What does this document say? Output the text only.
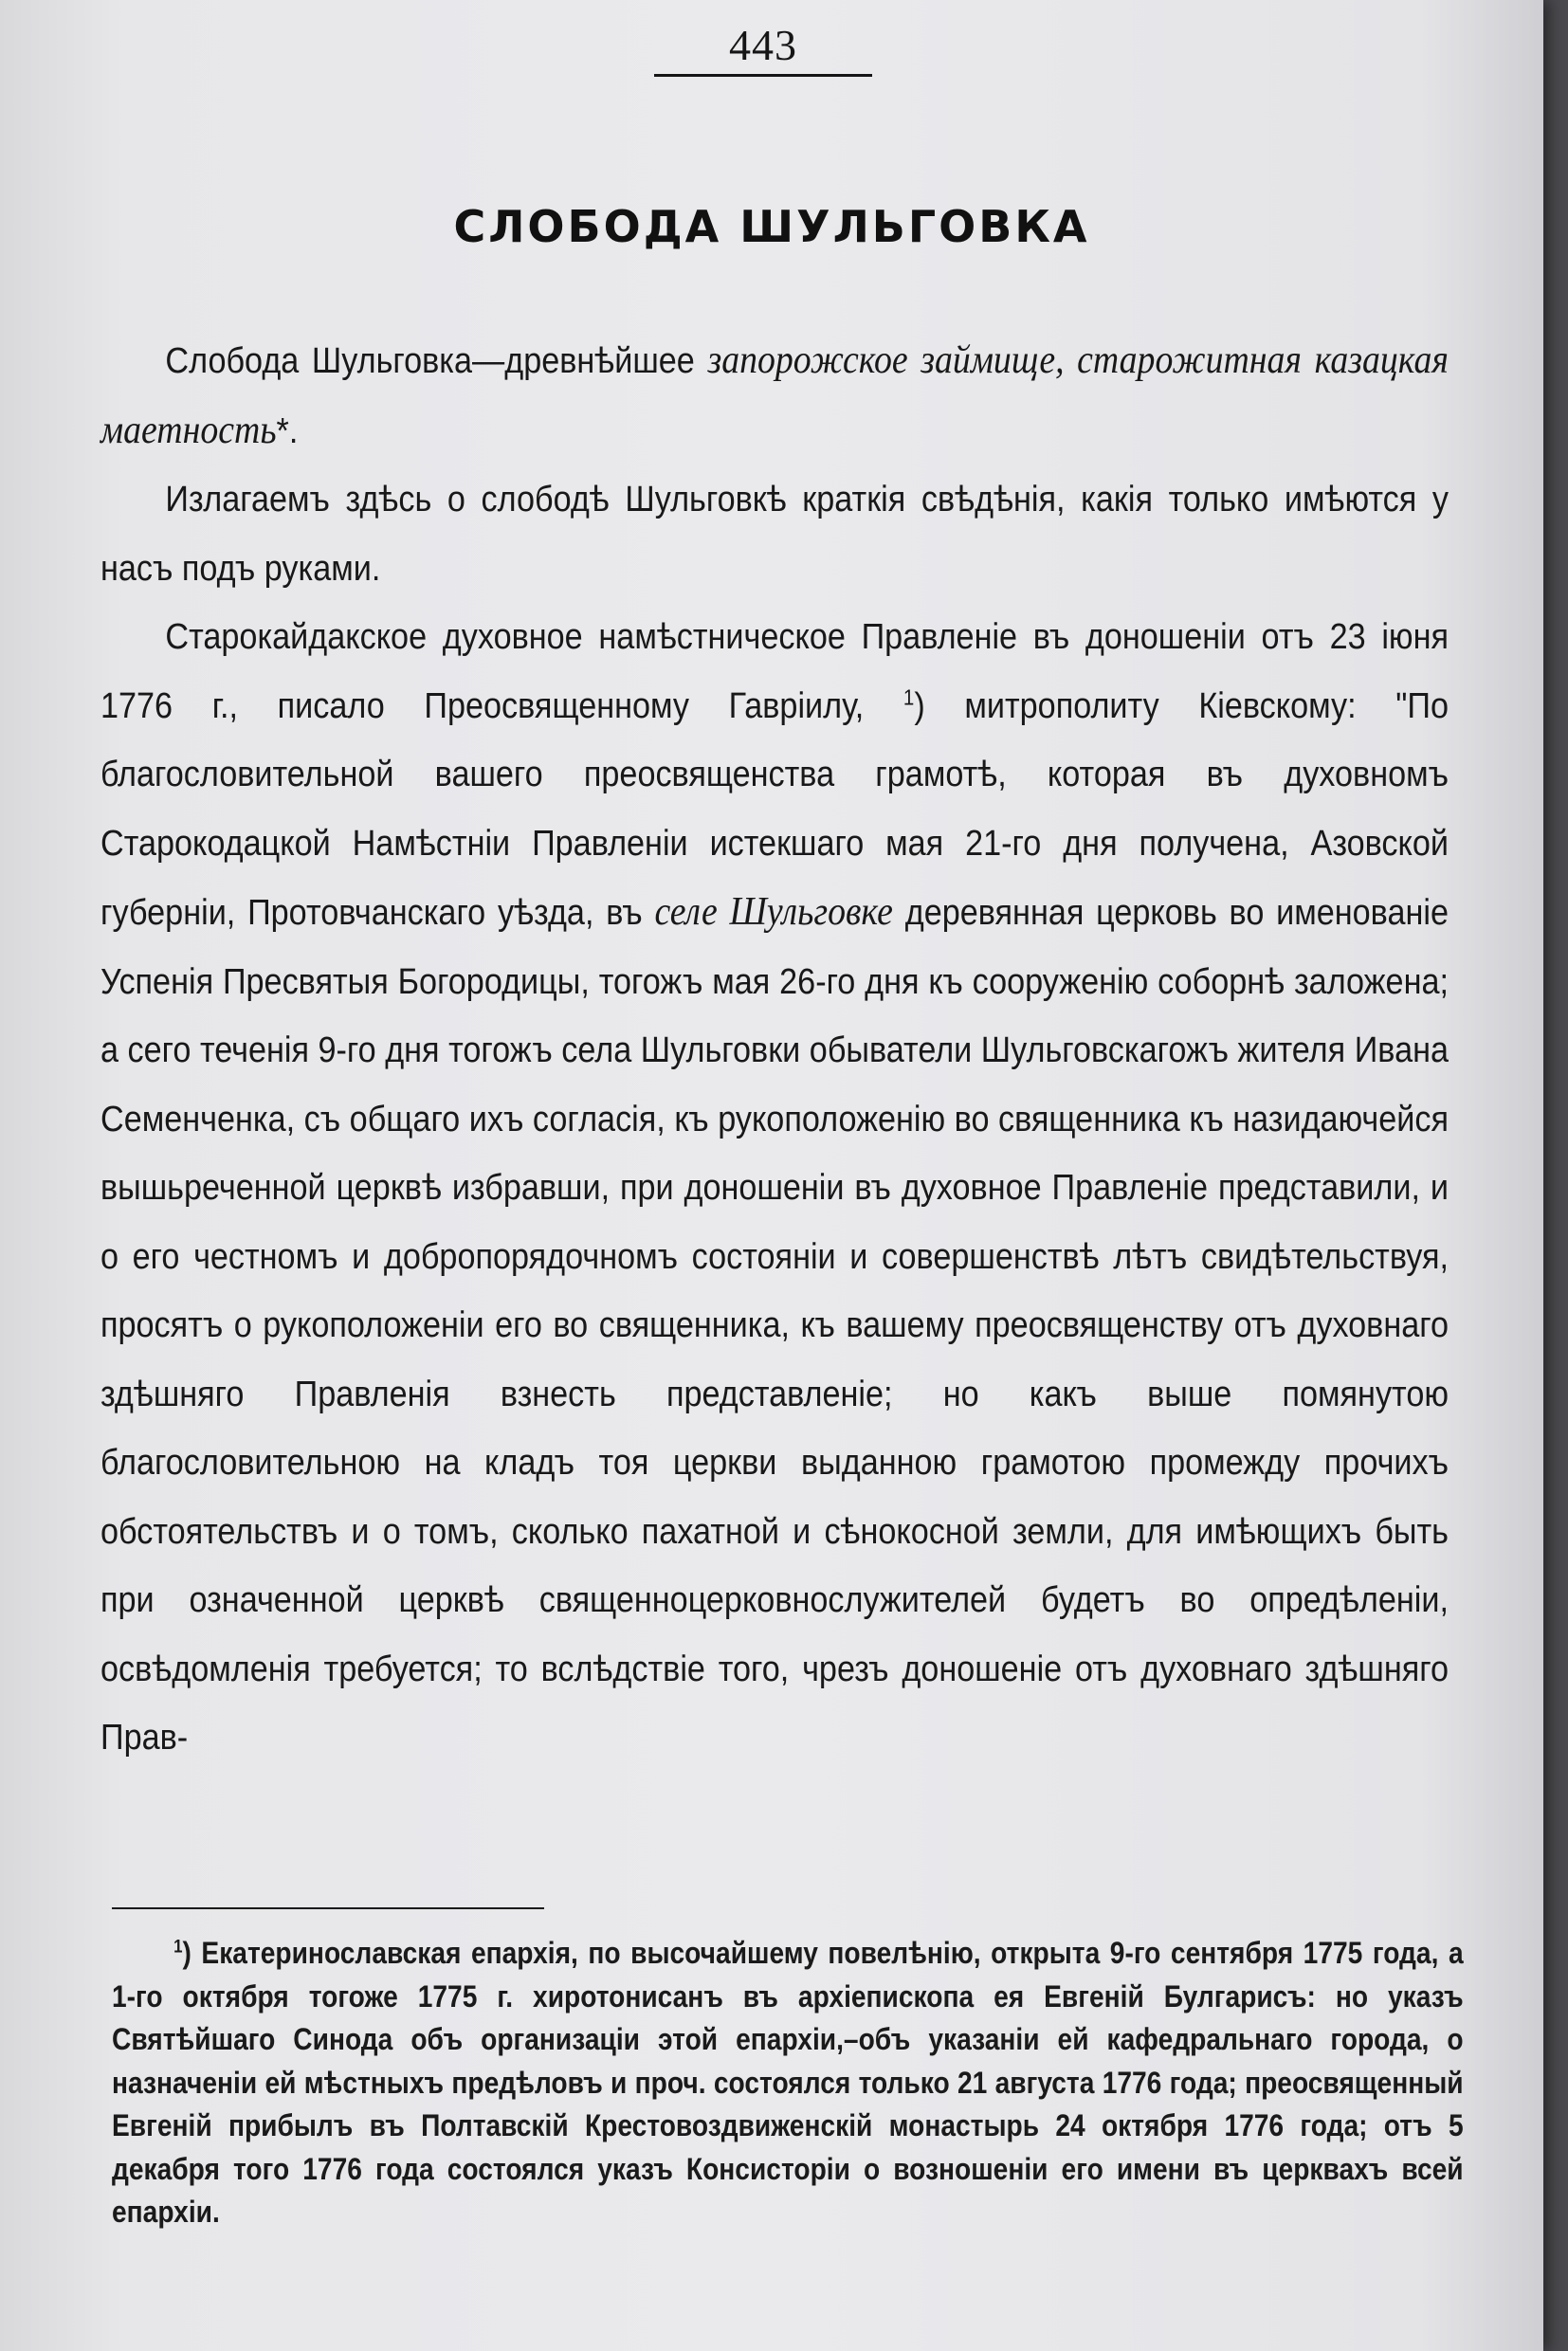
443
СЛОБОДА ШУЛЬГОВКА

Слобода Шульговка—древнѣйшее запорожское займище, старожитная казацкая маетность*.

Излагаемъ здѣсь о слободѣ Шульговкѣ краткія свѣдѣнія, какія только имѣются у насъ подъ руками.

Старокайдакское духовное намѣстническое Правленіе въ доношеніи отъ 23 іюня 1776 г., писало Преосвященному Гавріилу, $^1$) митрополиту Кіевскому: "По благословительной вашего преосвященства грамотѣ, которая въ духовномъ Старокодацкой Намѣстніи Правленіи истекшаго мая 21-го дня получена, Азовской губерніи, Протовчанскаго уѣзда, въ селе Шульговке деревянная церковь во именованіе Успенія Пресвятыя Богородицы, тогожъ мая 26-го дня къ сооруженію соборнѣ заложена; а сего теченія 9-го дня тогожъ села Шульговки обыватели Шульговскагожъ жителя Ивана Семенченка, съ общаго ихъ согласія, къ рукоположенію во священника къ назидаючейся вышьреченной церквѣ избравши, при доношеніи въ духовное Правленіе представили, и о его честномъ и добропорядочномъ состояніи и совершенствѣ лѣтъ свидѣтельствуя, просятъ о рукоположеніи его во священника, къ вашему преосвященству отъ духовнаго здѣшняго Правленія взнесть представленіе; но какъ выше помянутою благословительною на кладъ тоя церкви выданною грамотою промежду прочихъ обстоятельствъ и о томъ, сколько пахатной и сѣнокосной земли, для имѣющихъ быть при означенной церквѣ священноцерковнослужителей будетъ во опредѣленіи, освѣдомленія требуется; то вслѣдствіе того, чрезъ доношеніе отъ духовнаго здѣшняго Прав-

$^1$) Екатеринославская епархія, по высочайшему повелѣнію, открыта 9-го сентября 1775 года, а 1-го октября тогоже 1775 г. хиротонисанъ въ архіепископа ея Евгеній Булгарисъ: но указъ Святѣйшаго Синода объ организаціи этой епархіи,–объ указаніи ей кафедральнаго города, о назначеніи ей мѣстныхъ предѣловъ и проч. состоялся только 21 августа 1776 года; преосвященный Евгеній прибылъ въ Полтавскій Крестовоздвиженскій монастырь 24 октября 1776 года; отъ 5 декабря того 1776 года состоялся указъ Консисторіи о возношеніи его имени въ церквахъ всей епархіи.
